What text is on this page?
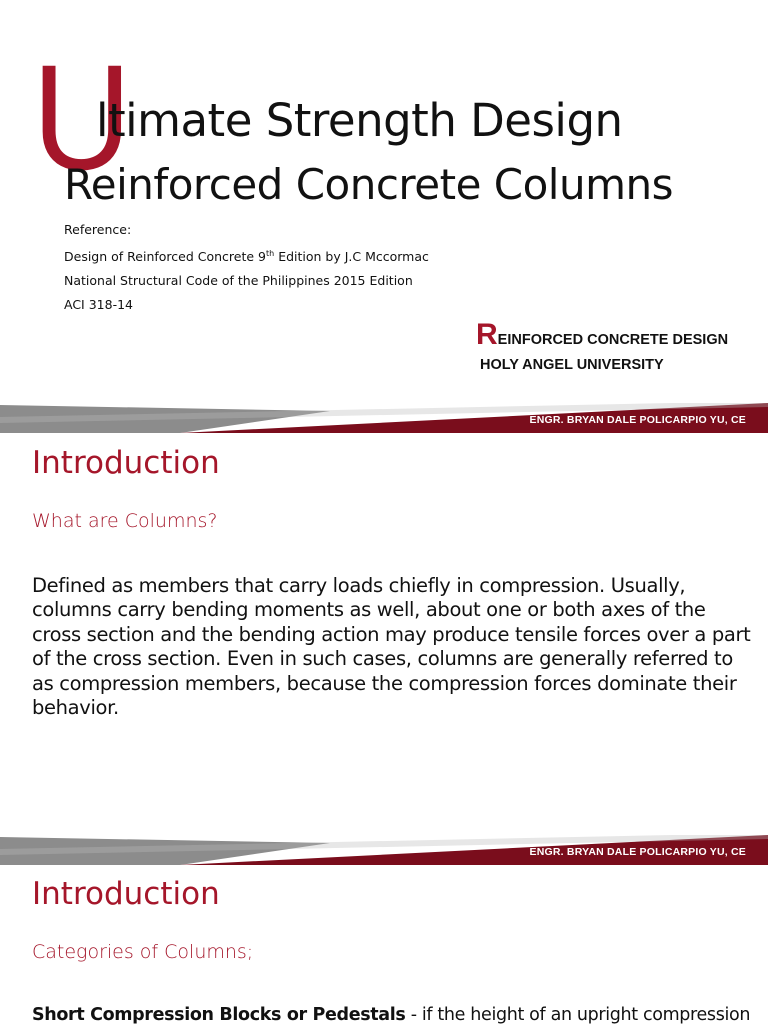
U
ltimate Strength Design
Reinforced Concrete Columns
Reference:
Design of Reinforced Concrete 9th Edition by J.C Mccormac
National Structural Code of the Philippines 2015 Edition
ACI 318-14
REINFORCED CONCRETE DESIGN
HOLY ANGEL UNIVERSITY
ENGR. BRYAN DALE POLICARPIO YU, CE
Introduction
What are Columns?
Defined as members that carry loads chiefly in compression. Usually, columns carry bending moments as well, about one or both axes of the cross section and the bending action may produce tensile forces over a part of the cross section. Even in such cases, columns are generally referred to as compression members, because the compression forces dominate their behavior.
ENGR. BRYAN DALE POLICARPIO YU, CE
Introduction
Categories of Columns;
Short Compression Blocks or Pedestals - if the height of an upright compression
